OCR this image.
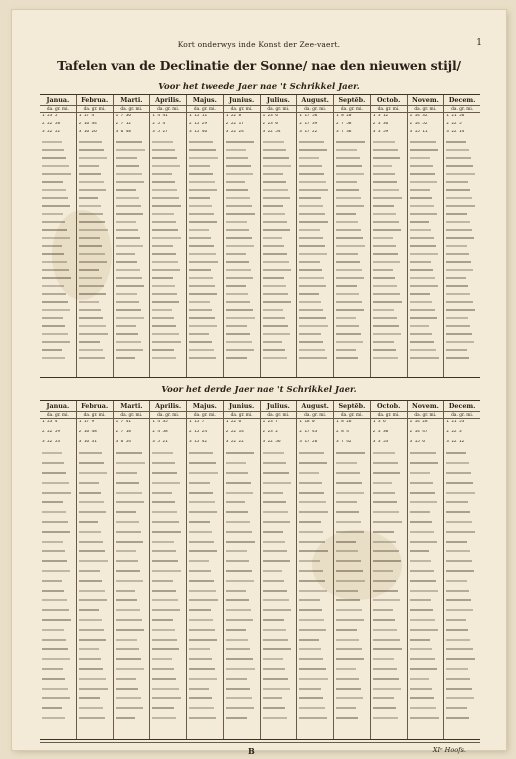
Kort onderwys inde Konst der Zee-vaert.	1
Tafelen van de Declinatie der Sonne/ nae den nieuwen stijl/
Voor het tweede Jaer nae 't Schrikkel Jaer.
Janua.
da. gr. mi.
1 23 5
2 22 58
3 22 52
Februa.
da. gr. mi.
1 17 4
2 16 44
3 16 26
Marti.
da. gr. mi.
1 7 36
2 7 12
3 6 48
Aprilis.
da. gr. mi.
1 4 41
2 5 4
3 5 27
Majus.
da. gr. mi.
1 15 11
2 15 29
3 15 46
Junius.
da. gr. mi.
1 22 8
2 22 17
3 22 24
Julius.
da. gr. mi.
1 23 6
2 23 0
3 22 54
August.
da. gr. mi.
1 17 56
2 17 39
3 17 22
Septēb.
da. gr. mi.
1 8 20
2 7 58
3 7 36
Octob.
da. gr. mi.
1 3 12
2 3 36
3 3 59
Novem.
da. gr. mi.
1 14 32
2 14 52
3 15 11
Decem.
da. gr. mi.
1 21 56
2 22 5
3 22 14
Voor het derde Jaer nae 't Schrikkel Jaer.
Janua.
da. gr. mi.
1 23 4
2 22 59
3 22 53
Februa.
da. gr. mi.
1 17 9
2 16 48
3 16 31
Marti.
da. gr. mi.
1 7 41
2 7 18
3 6 54
Aprilis.
da. gr. mi.
1 4 35
2 4 58
3 5 21
Majus.
da. gr. mi.
1 15 7
2 15 24
3 15 42
Junius.
da. gr. mi.
1 22 6
2 22 14
3 22 22
Julius.
da. gr. mi.
1 23 7
2 23 2
3 22 56
August.
da. gr. mi.
1 18 0
2 17 43
3 17 26
Septēb.
da. gr. mi.
1 8 26
2 8 4
3 7 42
Octob.
da. gr. mi.
1 3 6
2 3 30
3 3 53
Novem.
da. gr. mi.
1 14 28
2 14 47
3 15 6
Decem.
da. gr. mi.
1 21 53
2 22 3
3 22 12
B	XIᵉ Hoofs.
